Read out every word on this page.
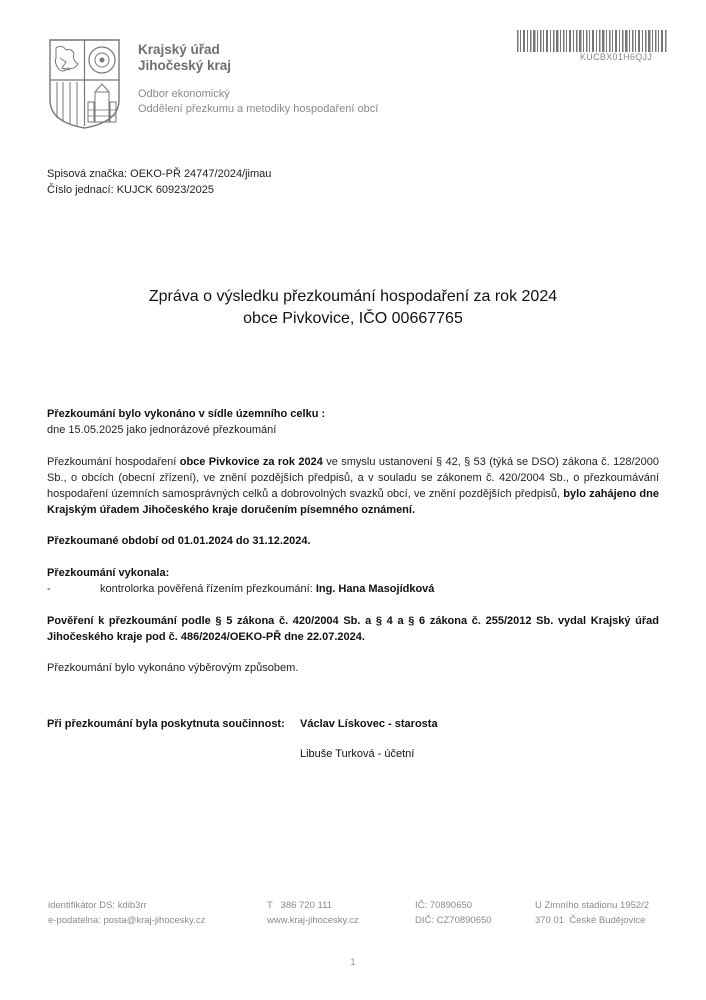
Krajský úřad
Jihočeský kraj
Odbor ekonomický
Oddělení přezkumu a metodiky hospodaření obcí
KUCBX01H6QJJ
Spisová značka: OEKO-PŘ 24747/2024/jimau
Číslo jednací: KUJCK 60923/2025
Zpráva o výsledku přezkoumání hospodaření za rok 2024
obce Pivkovice, IČO 00667765
Přezkoumání bylo vykonáno v sídle územního celku :
dne 15.05.2025 jako jednorázové přezkoumání
Přezkoumání hospodaření obce Pivkovice za rok 2024 ve smyslu ustanovení § 42, § 53 (týká se DSO) zákona č. 128/2000 Sb., o obcích (obecní zřízení), ve znění pozdějších předpisů, a v souladu se zákonem č. 420/2004 Sb., o přezkoumávání hospodaření územních samosprávných celků a dobrovolných svazků obcí, ve znění pozdějších předpisů, bylo zahájeno dne Krajským úřadem Jihočeského kraje doručením písemného oznámení.
Přezkoumané období od 01.01.2024 do 31.12.2024.
Přezkoumání vykonala:
-	kontrolorka pověřená řízením přezkoumání: Ing. Hana Masojídková
Pověření k přezkoumání podle § 5 zákona č. 420/2004 Sb. a § 4 a § 6 zákona č. 255/2012 Sb. vydal Krajský úřad Jihočeského kraje pod č. 486/2024/OEKO-PŘ dne 22.07.2024.
Přezkoumání bylo vykonáno výběrovým způsobem.
Při přezkoumání byla poskytnuta součinnost:	Václav Lískovec - starosta
Libuše Turková - účetní
identifikátor DS: kdib3rr
e-podatelna: posta@kraj-jihocesky.cz
T   386 720 111
www.kraj-jihocesky.cz
IČ: 70890650
DIČ: CZ70890650
U Zimního stadionu 1952/2
370 01  České Budějovice
1
